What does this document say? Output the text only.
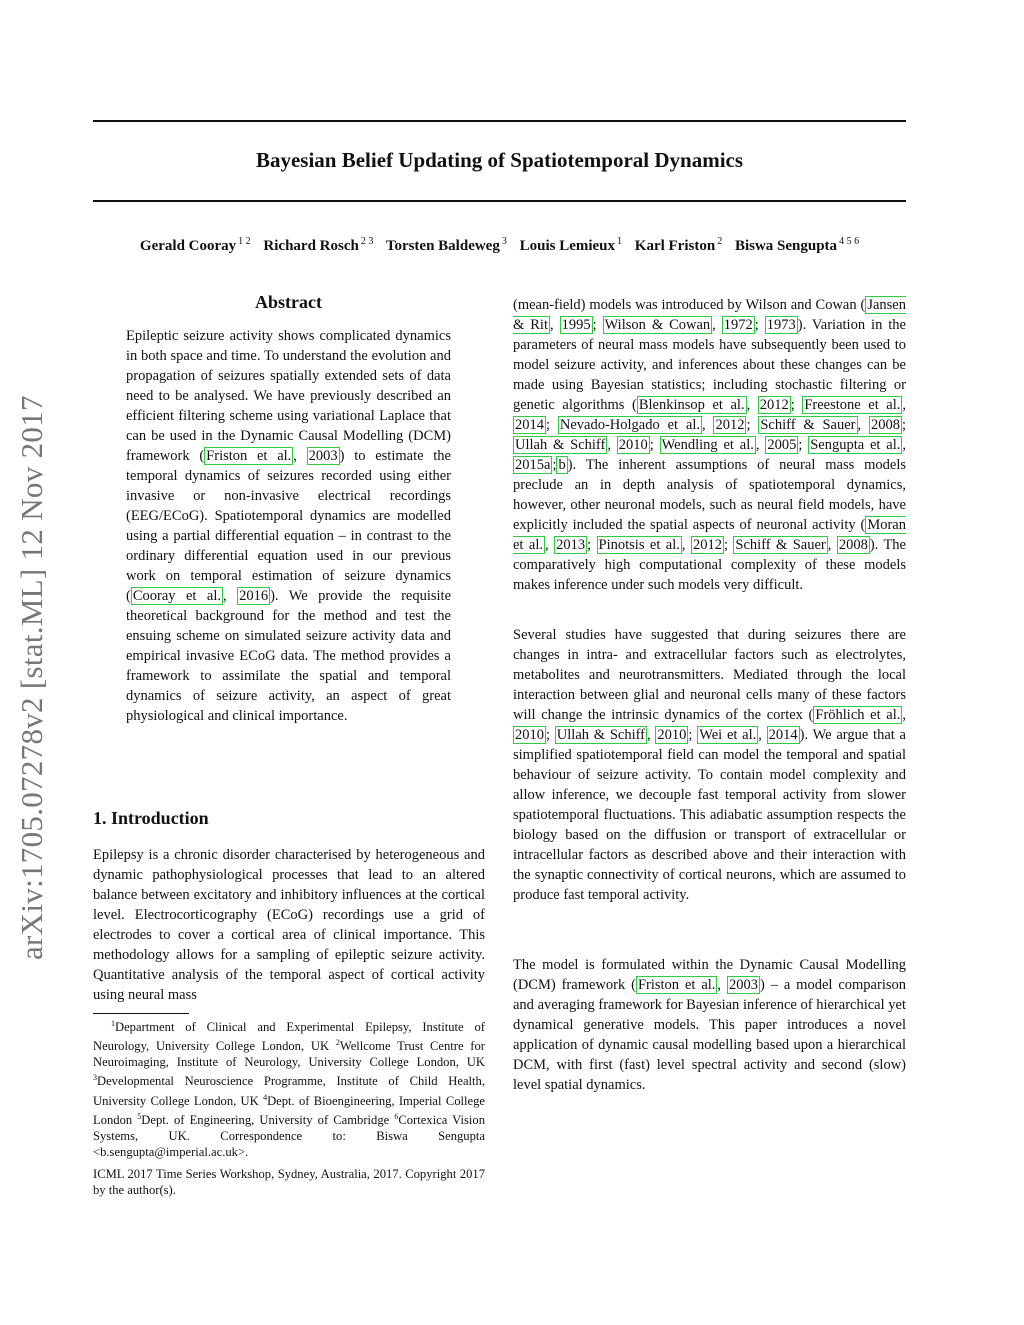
arXiv:1705.07278v2 [stat.ML] 12 Nov 2017
Bayesian Belief Updating of Spatiotemporal Dynamics
Gerald Cooray $^{1 2}$ Richard Rosch $^{2 3}$ Torsten Baldeweg $^3$ Louis Lemieux $^1$ Karl Friston $^2$ Biswa Sengupta $^{4 5 6}$
Abstract
Epileptic seizure activity shows complicated dynamics in both space and time. To understand the evolution and propagation of seizures spatially extended sets of data need to be analysed. We have previously described an efficient filtering scheme using variational Laplace that can be used in the Dynamic Causal Modelling (DCM) framework ( Friston et al. , 2003 ) to estimate the temporal dynamics of seizures recorded using either invasive or non-invasive electrical recordings (EEG/ECoG). Spatiotemporal dynamics are modelled using a partial differential equation – in contrast to the ordinary differential equation used in our previous work on temporal estimation of seizure dynamics ( Cooray et al. , 2016 ). We provide the requisite theoretical background for the method and test the ensuing scheme on simulated seizure activity data and empirical invasive ECoG data. The method provides a framework to assimilate the spatial and temporal dynamics of seizure activity, an aspect of great physiological and clinical importance.
1. Introduction
Epilepsy is a chronic disorder characterised by heterogeneous and dynamic pathophysiological processes that lead to an altered balance between excitatory and inhibitory influences at the cortical level. Electrocorticography (ECoG) recordings use a grid of electrodes to cover a cortical area of clinical importance. This methodology allows for a sampling of epileptic seizure activity. Quantitative analysis of the temporal aspect of cortical activity using neural mass
$^1$Department of Clinical and Experimental Epilepsy, Institute of Neurology, University College London, UK $^2$Wellcome Trust Centre for Neuroimaging, Institute of Neurology, University College London, UK $^3$Developmental Neuroscience Programme, Institute of Child Health, University College London, UK $^4$Dept. of Bioengineering, Imperial College London $^5$Dept. of Engineering, University of Cambridge $^6$Cortexica Vision Systems, UK. Correspondence to: Biswa Sengupta <b.sengupta@imperial.ac.uk>.
ICML 2017 Time Series Workshop, Sydney, Australia, 2017. Copyright 2017 by the author(s).
(mean-field) models was introduced by Wilson and Cowan ( Jansen & Rit , 1995 ; Wilson & Cowan , 1972 ; 1973 ). Variation in the parameters of neural mass models have subsequently been used to model seizure activity, and inferences about these changes can be made using Bayesian statistics; including stochastic filtering or genetic algorithms ( Blenkinsop et al. , 2012 ; Freestone et al. , 2014 ; Nevado-Holgado et al. , 2012 ; Schiff & Sauer , 2008 ; Ullah & Schiff , 2010 ; Wendling et al. , 2005 ; Sengupta et al. , 2015a ; b ). The inherent assumptions of neural mass models preclude an in depth analysis of spatiotemporal dynamics, however, other neuronal models, such as neural field models, have explicitly included the spatial aspects of neuronal activity ( Moran et al. , 2013 ; Pinotsis et al. , 2012 ; Schiff & Sauer , 2008 ). The comparatively high computational complexity of these models makes inference under such models very difficult.
Several studies have suggested that during seizures there are changes in intra- and extracellular factors such as electrolytes, metabolites and neurotransmitters. Mediated through the local interaction between glial and neuronal cells many of these factors will change the intrinsic dynamics of the cortex ( Fröhlich et al. , 2010 ; Ullah & Schiff , 2010 ; Wei et al. , 2014 ). We argue that a simplified spatiotemporal field can model the temporal and spatial behaviour of seizure activity. To contain model complexity and allow inference, we decouple fast temporal activity from slower spatiotemporal fluctuations. This adiabatic assumption respects the biology based on the diffusion or transport of extracellular or intracellular factors as described above and their interaction with the synaptic connectivity of cortical neurons, which are assumed to produce fast temporal activity.
The model is formulated within the Dynamic Causal Modelling (DCM) framework ( Friston et al. , 2003 ) – a model comparison and averaging framework for Bayesian inference of hierarchical yet dynamical generative models. This paper introduces a novel application of dynamic causal modelling based upon a hierarchical DCM, with first (fast) level spectral activity and second (slow) level spatial dynamics.
